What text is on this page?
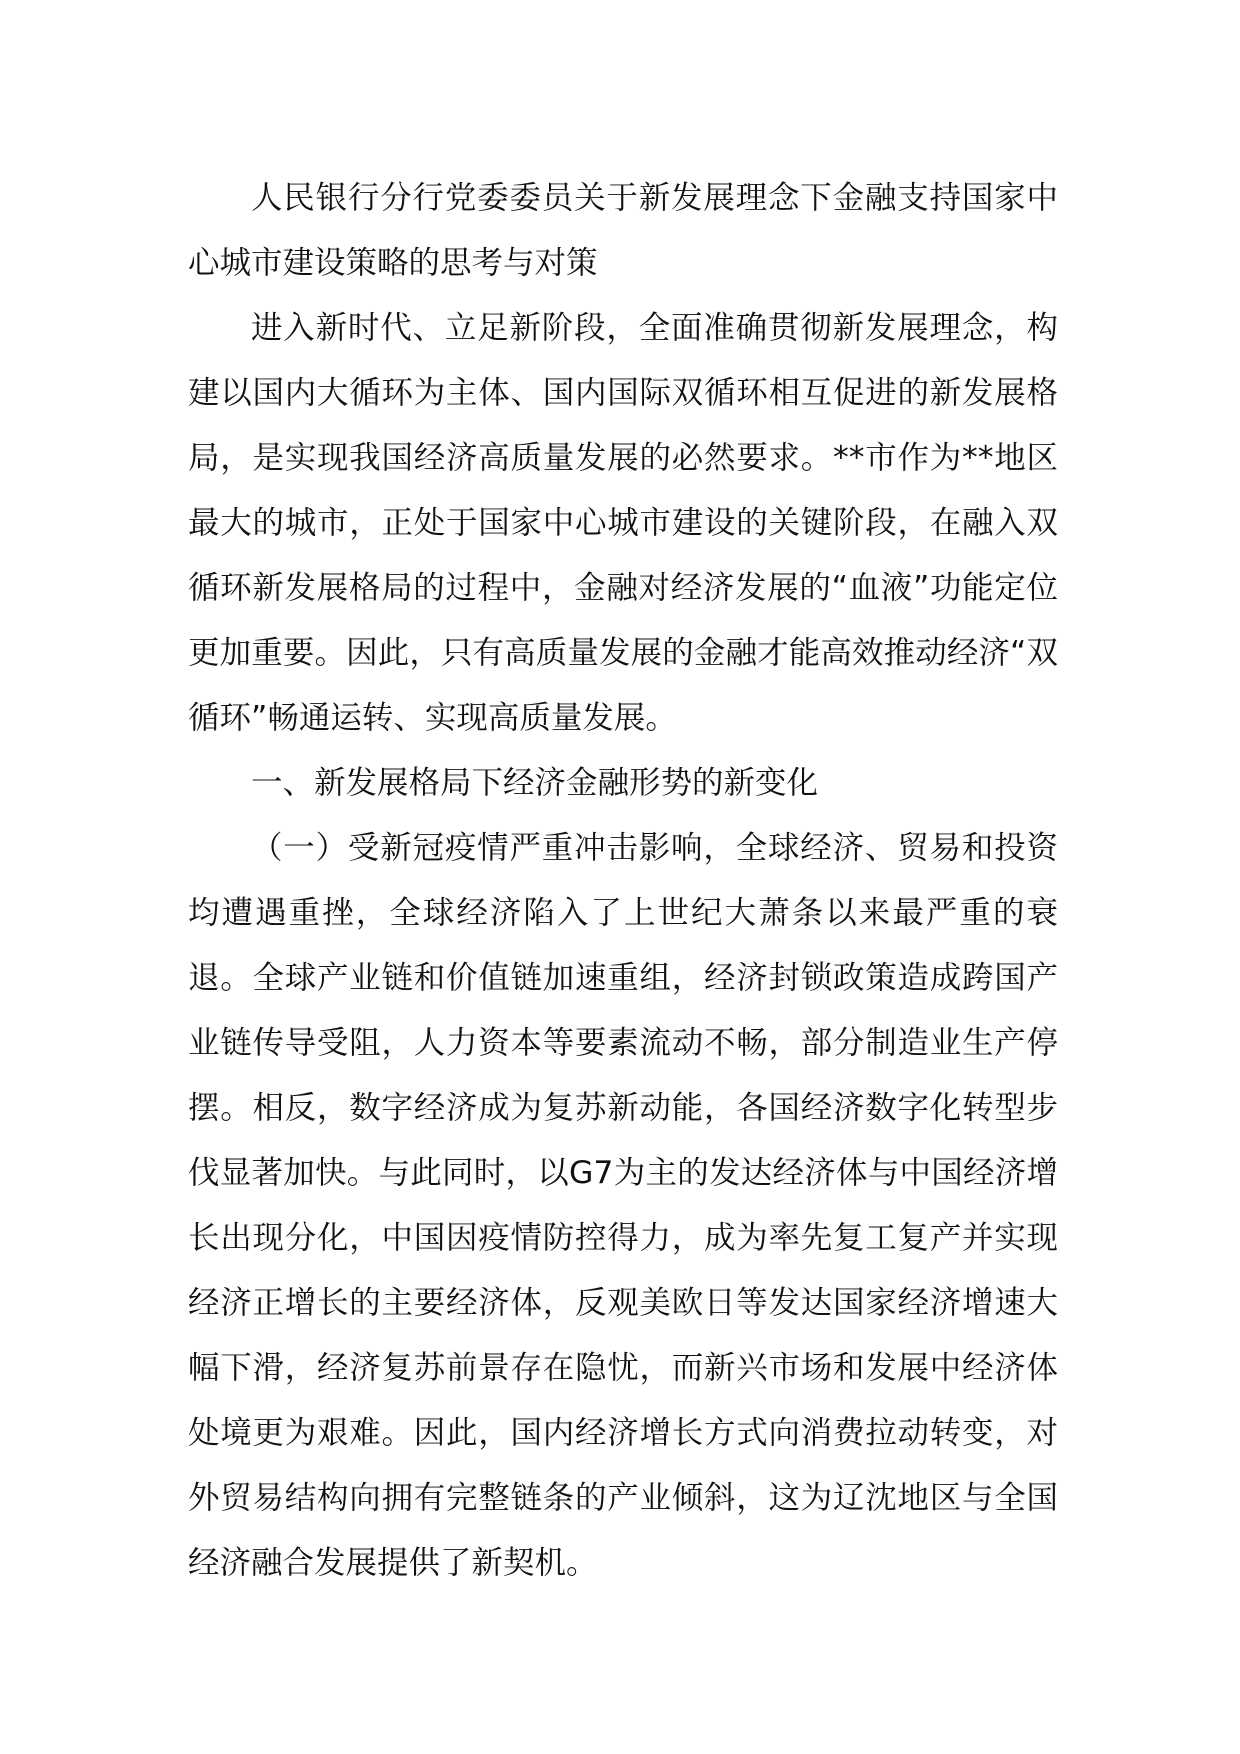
人民银行分行党委委员关于新发展理念下金融支持国家中心城市建设策略的思考与对策

进入新时代、立足新阶段，全面准确贯彻新发展理念，构建以国内大循环为主体、国内国际双循环相互促进的新发展格局，是实现我国经济高质量发展的必然要求。**市作为**地区最大的城市，正处于国家中心城市建设的关键阶段，在融入双循环新发展格局的过程中，金融对经济发展的“血液”功能定位更加重要。因此，只有高质量发展的金融才能高效推动经济“双循环”畅通运转、实现高质量发展。

一、新发展格局下经济金融形势的新变化

（一）受新冠疫情严重冲击影响，全球经济、贸易和投资均遭遇重挫，全球经济陷入了上世纪大萧条以来最严重的衰退。全球产业链和价值链加速重组，经济封锁政策造成跨国产业链传导受阻，人力资本等要素流动不畅，部分制造业生产停摆。相反，数字经济成为复苏新动能，各国经济数字化转型步伐显著加快。与此同时，以G7为主的发达经济体与中国经济增长出现分化，中国因疫情防控得力，成为率先复工复产并实现经济正增长的主要经济体，反观美欧日等发达国家经济增速大幅下滑，经济复苏前景存在隐忧，而新兴市场和发展中经济体处境更为艰难。因此，国内经济增长方式向消费拉动转变，对外贸易结构向拥有完整链条的产业倾斜，这为辽沈地区与全国经济融合发展提供了新契机。
